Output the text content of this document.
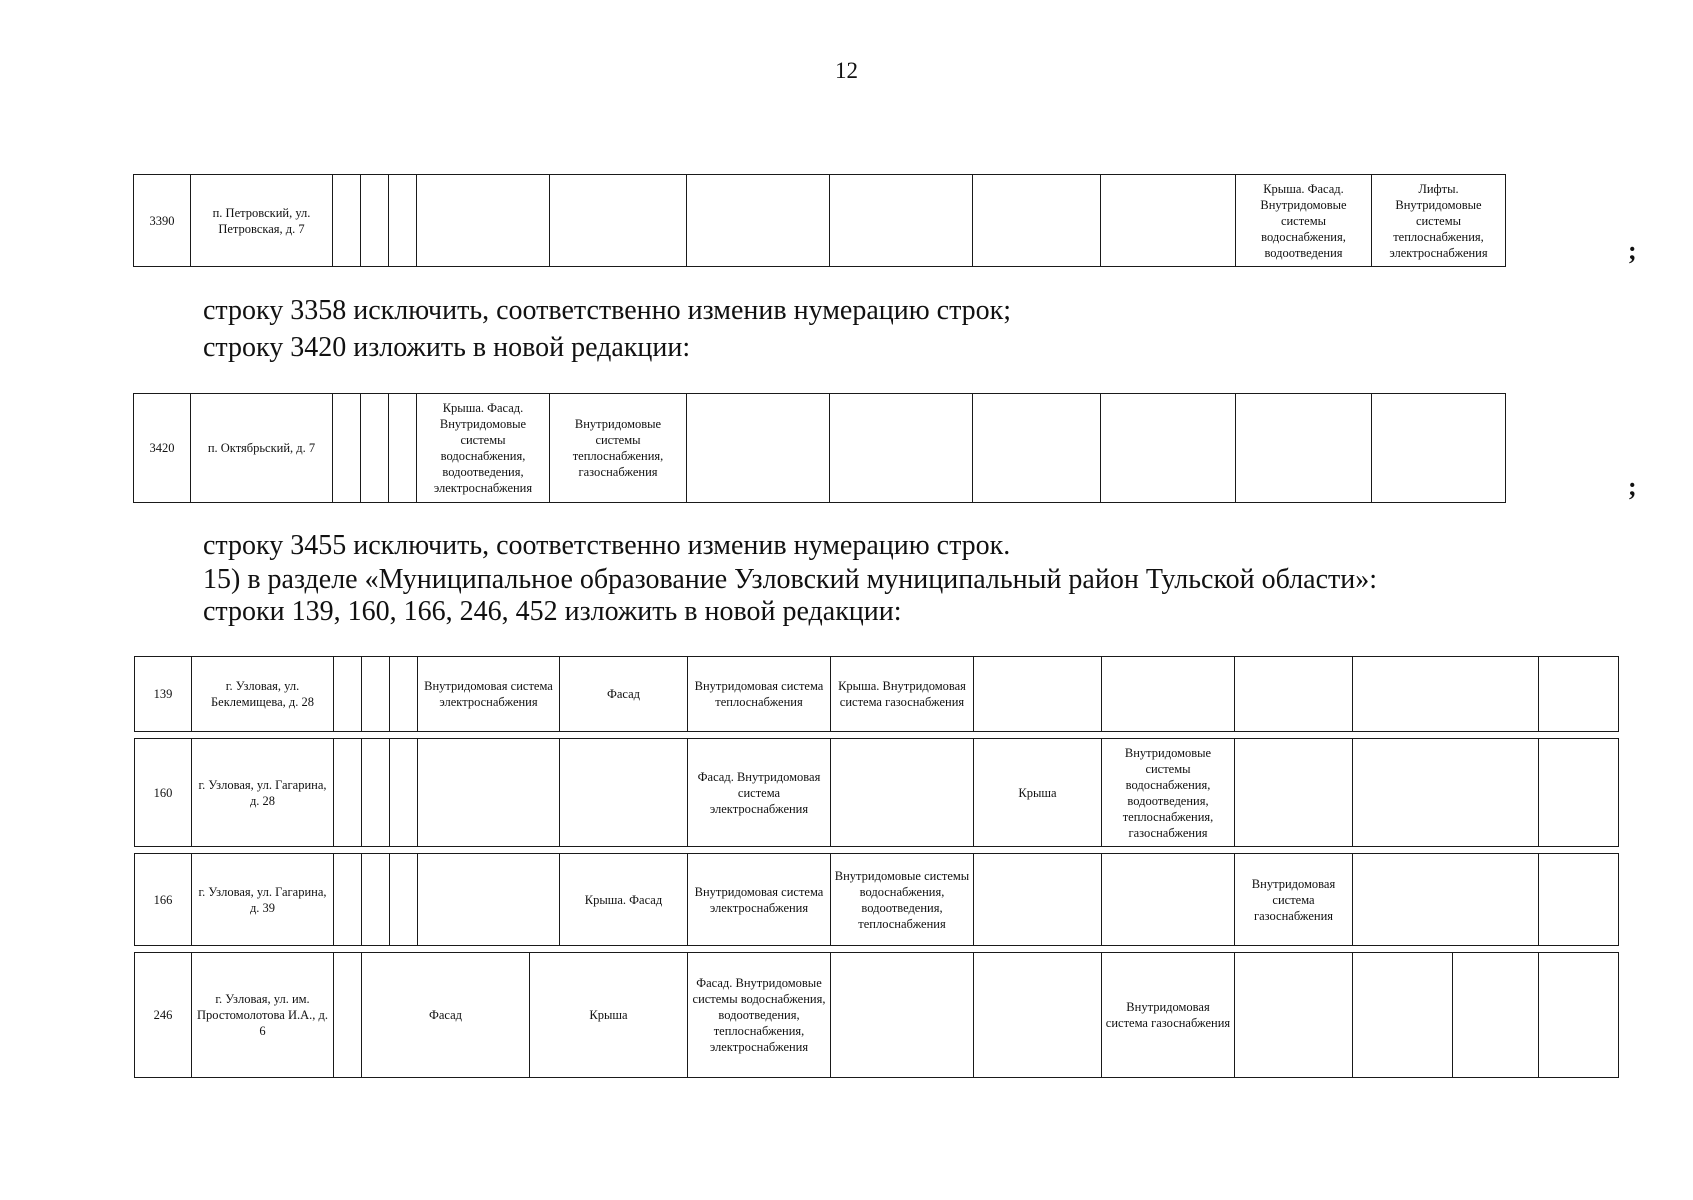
12
3390	п. Петровский, ул. Петровская, д. 7										Крыша. Фасад. Внутридомовые системы водоснабжения, водоотведения	Лифты. Внутридомовые системы теплоснабжения, электроснабжения		;

строку 3358 исключить, соответственно изменив нумерацию строк;

строку 3420 изложить в новой редакции:

3420	п. Октябрьский, д. 7				Крыша. Фасад. Внутридомовые системы водоснабжения, водоотведения, электроснабжения	Внутридомовые системы теплоснабжения, газоснабжения								;

строку 3455 исключить, соответственно изменив нумерацию строк.

15) в разделе «Муниципальное образование Узловский муниципальный район Тульской области»:

строки 139, 160, 166, 246, 452 изложить в новой редакции:

139	г. Узловая, ул. Беклемищева, д. 28				Внутридомовая система электроснабжения	Фасад	Внутридомовая система теплоснабжения	Крыша. Внутридомовая система газоснабжения					
160	г. Узловая, ул. Гагарина, д. 28						Фасад. Внутридомовая система электроснабжения		Крыша	Внутридомовые системы водоснабжения, водоотведения, теплоснабжения, газоснабжения			
166	г. Узловая, ул. Гагарина, д. 39					Крыша. Фасад	Внутридомовая система электроснабжения	Внутридомовые системы водоснабжения, водоотведения, теплоснабжения			Внутридомовая система газоснабжения		
246	г. Узловая, ул. им. Простомолотова И.А., д. 6		Фасад	Крыша	Фасад. Внутридомовые системы водоснабжения, водоотведения, теплоснабжения, электроснабжения			Внутридомовая система газоснабжения				
